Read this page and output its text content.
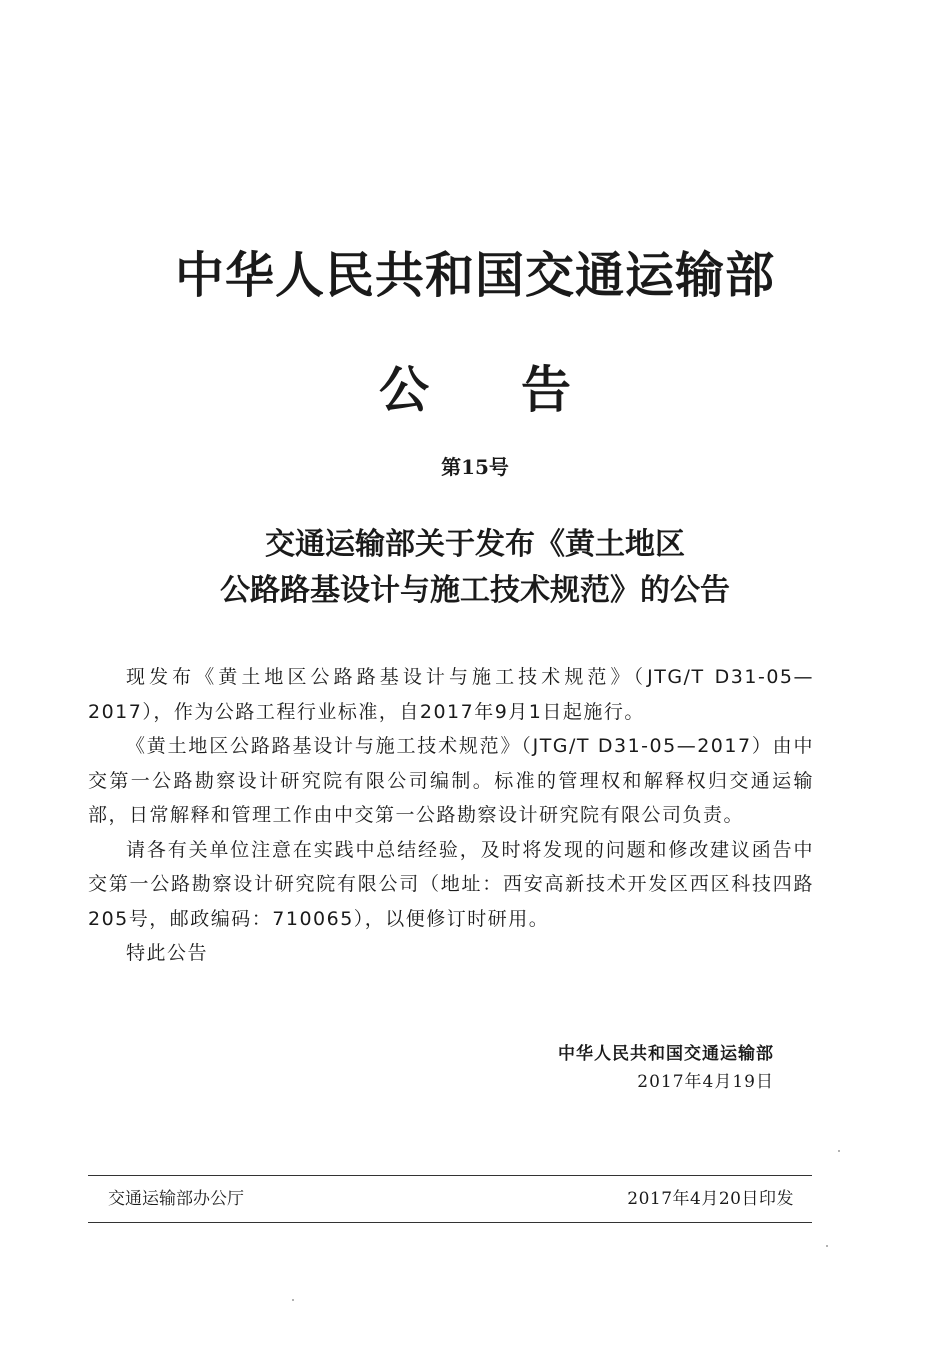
中华人民共和国交通运输部
公告
第15号
交通运输部关于发布《黄土地区
公路路基设计与施工技术规范》的公告

现发布《黄土地区公路路基设计与施工技术规范》（JTG/T D31-05—2017），作为公路工程行业标准，自2017年9月1日起施行。

《黄土地区公路路基设计与施工技术规范》（JTG/T D31-05—2017）由中交第一公路勘察设计研究院有限公司编制。标准的管理权和解释权归交通运输部，日常解释和管理工作由中交第一公路勘察设计研究院有限公司负责。

请各有关单位注意在实践中总结经验，及时将发现的问题和修改建议函告中交第一公路勘察设计研究院有限公司（地址：西安高新技术开发区西区科技四路205号，邮政编码：710065），以便修订时研用。

特此公告

中华人民共和国交通运输部
2017年4月19日
交通运输部办公厅	2017年4月20日印发
